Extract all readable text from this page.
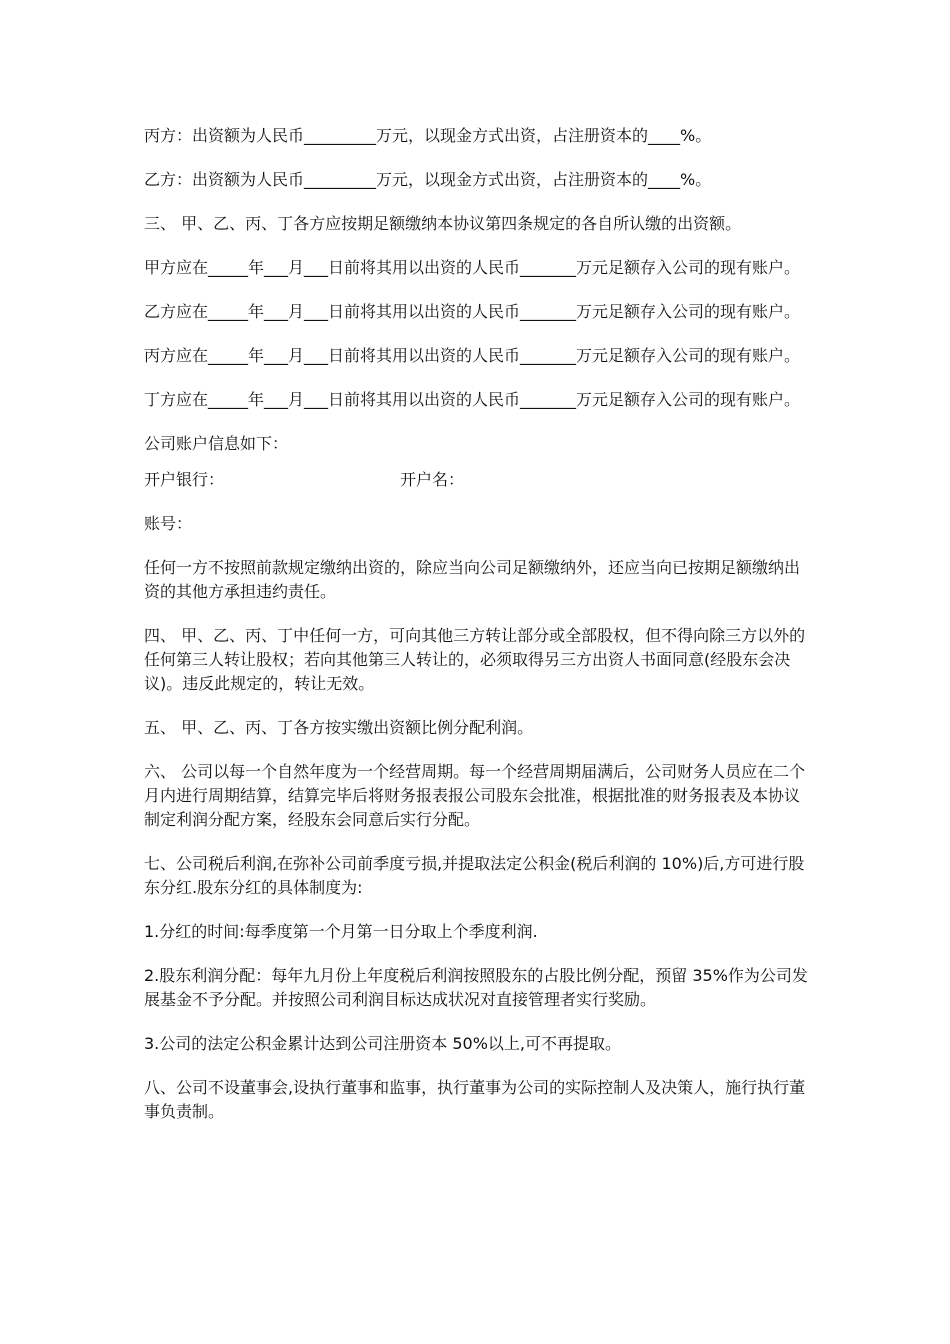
丙方：出资额为人民币_________万元，以现金方式出资，占注册资本的____%。

乙方：出资额为人民币_________万元，以现金方式出资，占注册资本的____%。

三、 甲、乙、丙、丁各方应按期足额缴纳本协议第四条规定的各自所认缴的出资额。

甲方应在_____年___月___日前将其用以出资的人民币_______万元足额存入公司的现有账户。

乙方应在_____年___月___日前将其用以出资的人民币_______万元足额存入公司的现有账户。

丙方应在_____年___月___日前将其用以出资的人民币_______万元足额存入公司的现有账户。

丁方应在_____年___月___日前将其用以出资的人民币_______万元足额存入公司的现有账户。

公司账户信息如下：

开户银行：	开户名：

账号：

任何一方不按照前款规定缴纳出资的，除应当向公司足额缴纳外，还应当向已按期足额缴纳出资的其他方承担违约责任。

四、 甲、乙、丙、丁中任何一方，可向其他三方转让部分或全部股权，但不得向除三方以外的任何第三人转让股权；若向其他第三人转让的，必须取得另三方出资人书面同意(经股东会决议)。违反此规定的，转让无效。

五、 甲、乙、丙、丁各方按实缴出资额比例分配利润。

六、 公司以每一个自然年度为一个经营周期。每一个经营周期届满后，公司财务人员应在二个月内进行周期结算，结算完毕后将财务报表报公司股东会批准，根据批准的财务报表及本协议制定利润分配方案，经股东会同意后实行分配。

七、公司税后利润,在弥补公司前季度亏损,并提取法定公积金(税后利润的 10%)后,方可进行股东分红.股东分红的具体制度为:

1.分红的时间:每季度第一个月第一日分取上个季度利润.

2.股东利润分配：每年九月份上年度税后利润按照股东的占股比例分配，预留 35%作为公司发展基金不予分配。并按照公司利润目标达成状况对直接管理者实行奖励。

3.公司的法定公积金累计达到公司注册资本 50%以上,可不再提取。

八、公司不设董事会,设执行董事和监事，执行董事为公司的实际控制人及决策人，施行执行董事负责制。
